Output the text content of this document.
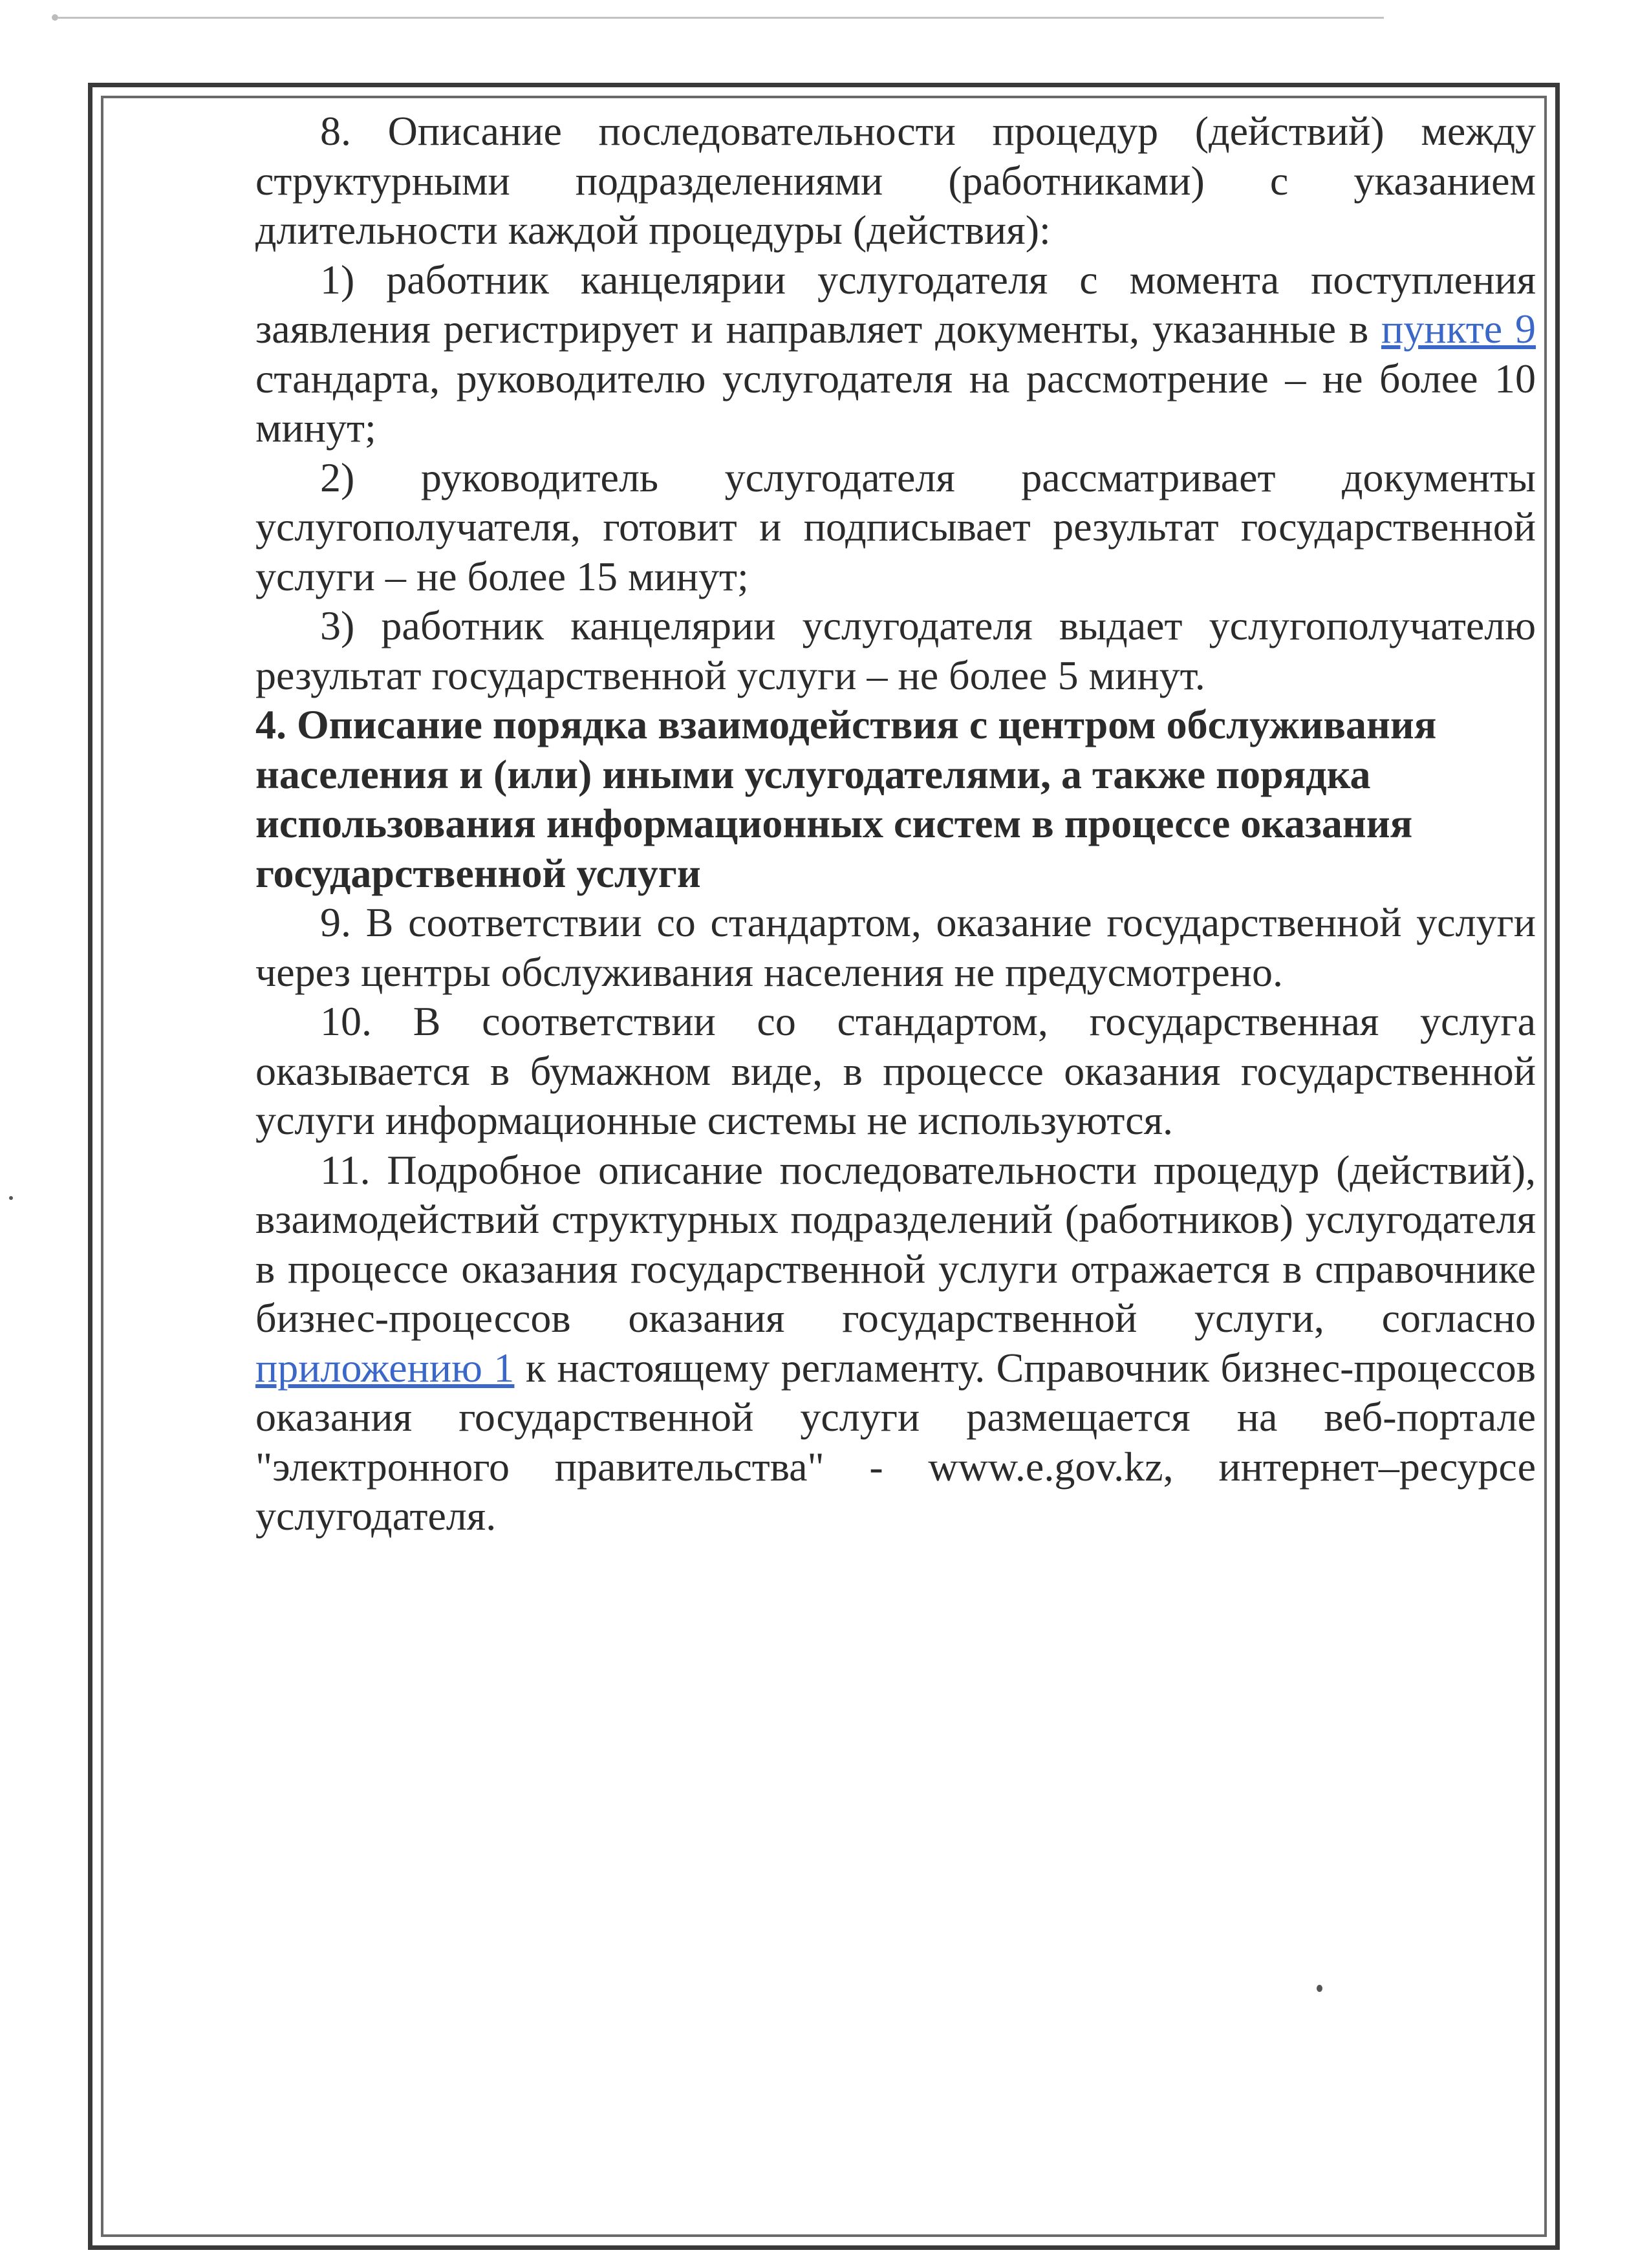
8. Описание последовательности процедур (действий) между структурными подразделениями (работниками) с указанием длительности каждой процедуры (действия):

1) работник канцелярии услугодателя с момента поступления заявления регистрирует и направляет документы, указанные в пункте 9 стандарта, руководителю услугодателя на рассмотрение – не более 10 минут;

2) руководитель услугодателя рассматривает документы услугополучателя, готовит и подписывает результат государственной услуги – не более 15 минут;

3) работник канцелярии услугодателя выдает услугополучателю результат государственной услуги – не более 5 минут.

4. Описание порядка взаимодействия с центром обслуживания населения и (или) иными услугодателями, а также порядка использования информационных систем в процессе оказания государственной услуги

9. В соответствии со стандартом, оказание государственной услуги через центры обслуживания населения не предусмотрено.

10. В соответствии со стандартом, государственная услуга оказывается в бумажном виде, в процессе оказания государственной услуги информационные системы не используются.

11. Подробное описание последовательности процедур (действий), взаимодействий структурных подразделений (работников) услугодателя в процессе оказания государственной услуги отражается в справочнике бизнес-процессов оказания государственной услуги, согласно приложению 1 к настоящему регламенту. Справочник бизнес-процессов оказания государственной услуги размещается на веб-портале "электронного правительства" - www.e.gov.kz, интернет–ресурсе услугодателя.
